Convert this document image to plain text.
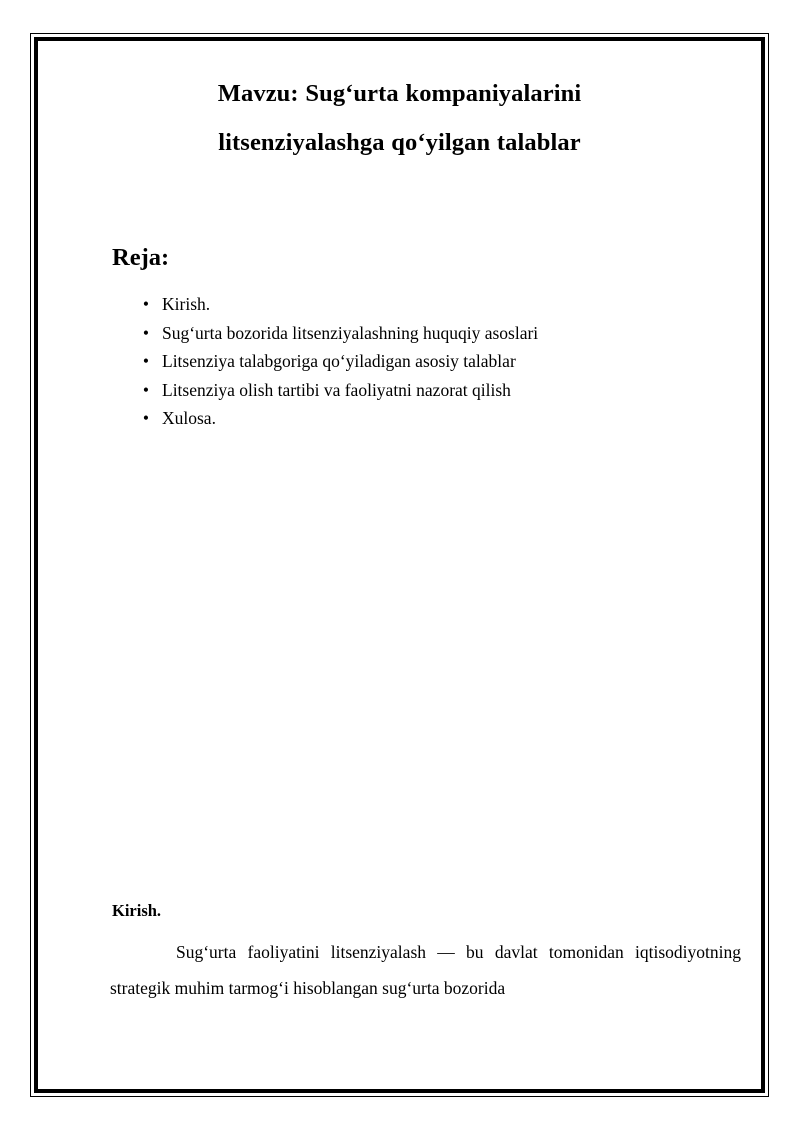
Mavzu: Sugʻurta kompaniyalarini
litsenziyalashga qoʻyilgan talablar
Reja:
• Kirish.
• Sugʻurta bozorida litsenziyalashning huquqiy asoslari
• Litsenziya talabgoriga qoʻyiladigan asosiy talablar
• Litsenziya olish tartibi va faoliyatni nazorat qilish
• Xulosa.
Kirish.

Sugʻurta faoliyatini litsenziyalash — bu davlat tomonidan iqtisodiyotning strategik muhim tarmogʻi hisoblangan sugʻurta bozorida
